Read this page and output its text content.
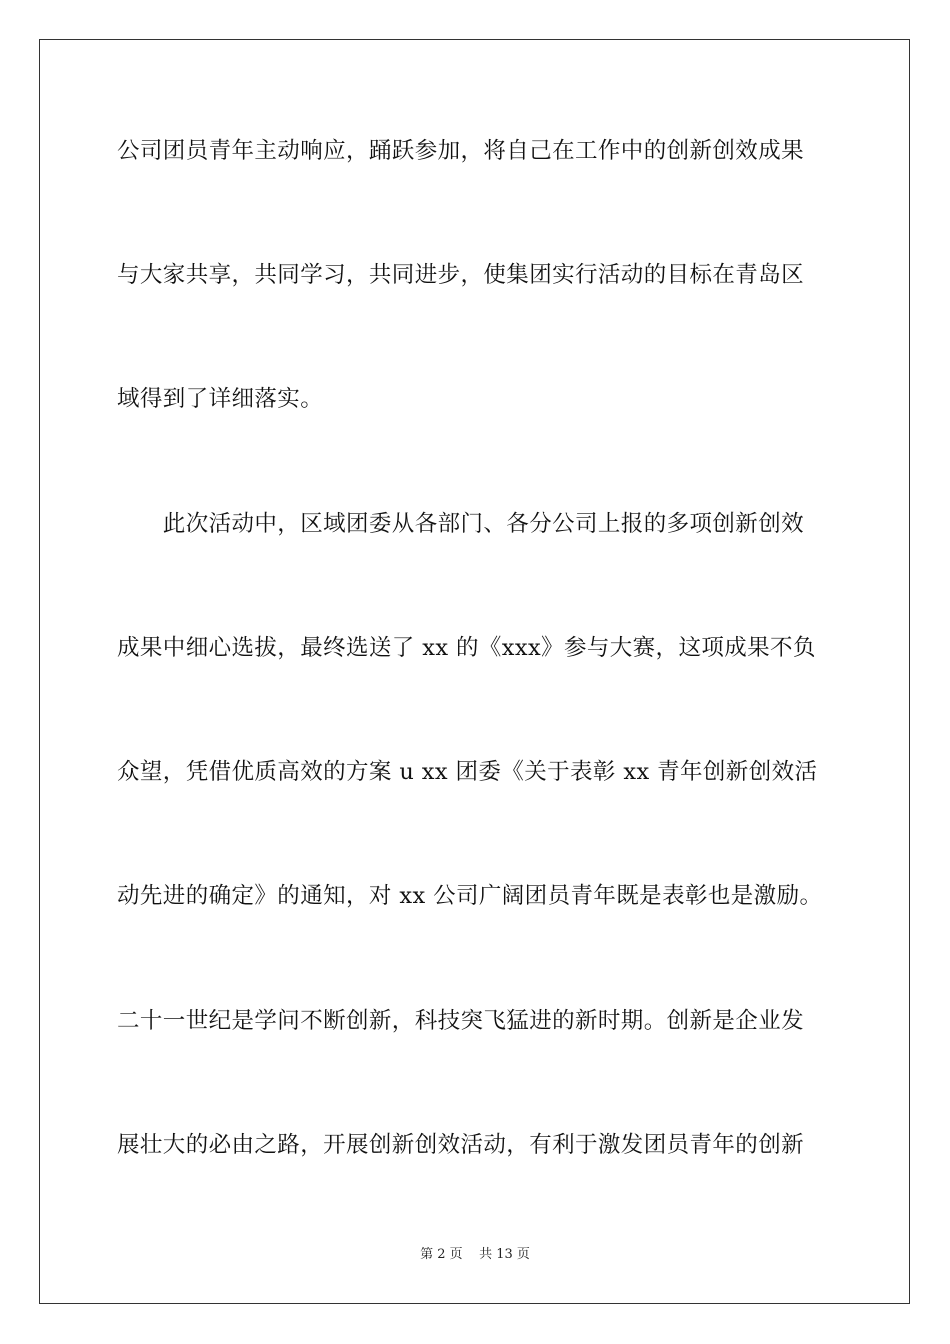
公司团员青年主动响应，踊跃参加，将自己在工作中的创新创效成果
与大家共享，共同学习，共同进步，使集团实行活动的目标在青岛区
域得到了详细落实。
　　此次活动中，区域团委从各部门、各分公司上报的多项创新创效
成果中细心选拔，最终选送了 xx 的《xxx》参与大赛，这项成果不负
众望，凭借优质高效的方案 u xx 团委《关于表彰 xx 青年创新创效活
动先进的确定》的通知，对 xx 公司广阔团员青年既是表彰也是激励。
二十一世纪是学问不断创新，科技突飞猛进的新时期。创新是企业发
展壮大的必由之路，开展创新创效活动，有利于激发团员青年的创新
第 2 页    共 13 页
